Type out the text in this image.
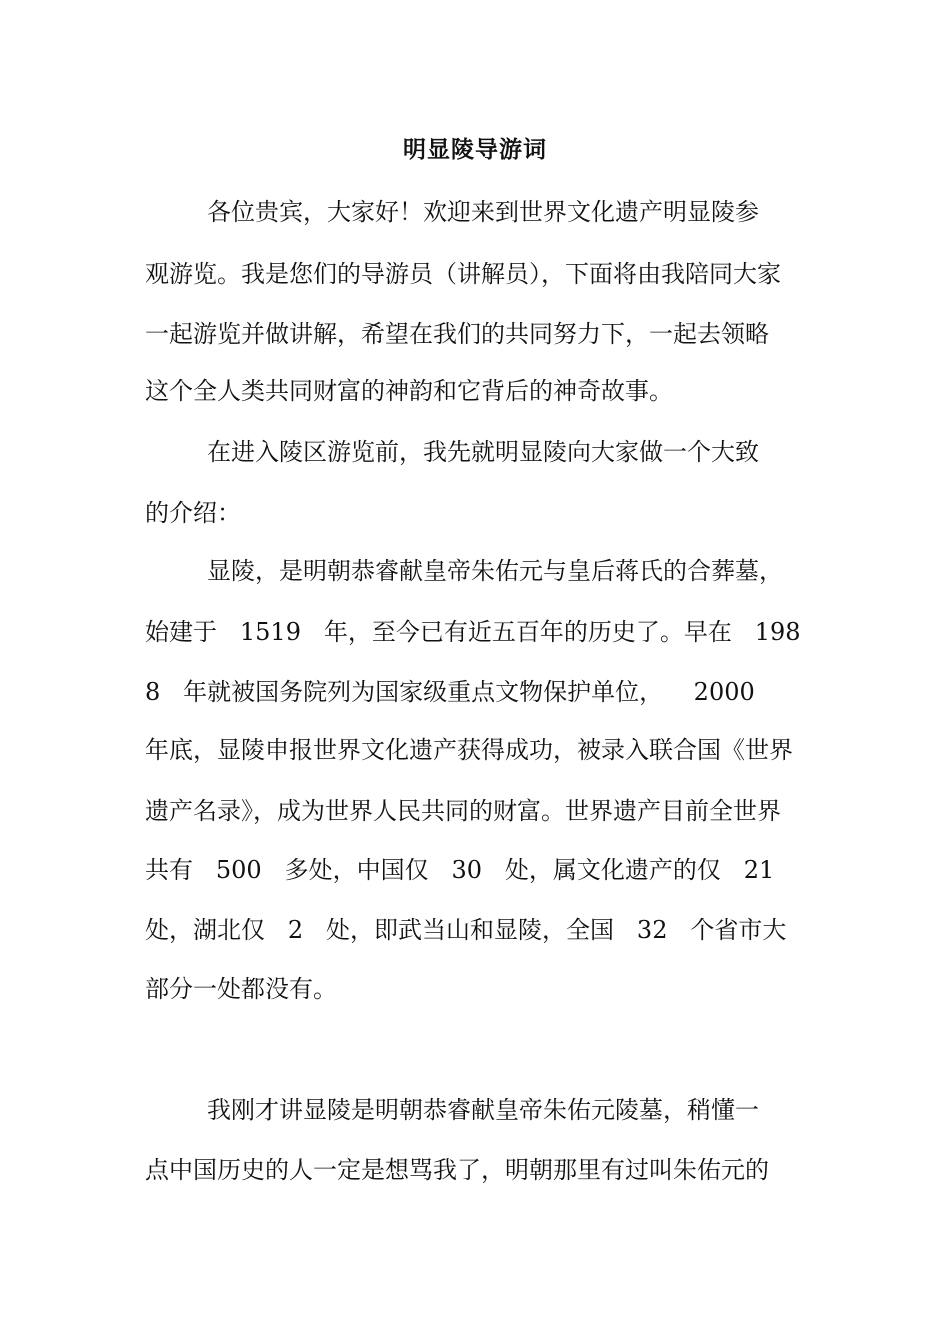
明显陵导游词
各位贵宾，大家好！欢迎来到世界文化遗产明显陵参
观游览。我是您们的导游员（讲解员），下面将由我陪同大家
一起游览并做讲解，希望在我们的共同努力下，一起去领略
这个全人类共同财富的神韵和它背后的神奇故事。
在进入陵区游览前，我先就明显陵向大家做一个大致
的介绍：
显陵，是明朝恭睿献皇帝朱佑元与皇后蒋氏的合葬墓，
始建于   1519   年，至今已有近五百年的历史了。早在   198
8   年就被国务院列为国家级重点文物保护单位，    2000
年底，显陵申报世界文化遗产获得成功，被录入联合国《世界
遗产名录》，成为世界人民共同的财富。世界遗产目前全世界
共有   500   多处，中国仅   30   处，属文化遗产的仅   21
处，湖北仅   2   处，即武当山和显陵，全国   32   个省市大
部分一处都没有。
我刚才讲显陵是明朝恭睿献皇帝朱佑元陵墓，稍懂一
点中国历史的人一定是想骂我了，明朝那里有过叫朱佑元的
